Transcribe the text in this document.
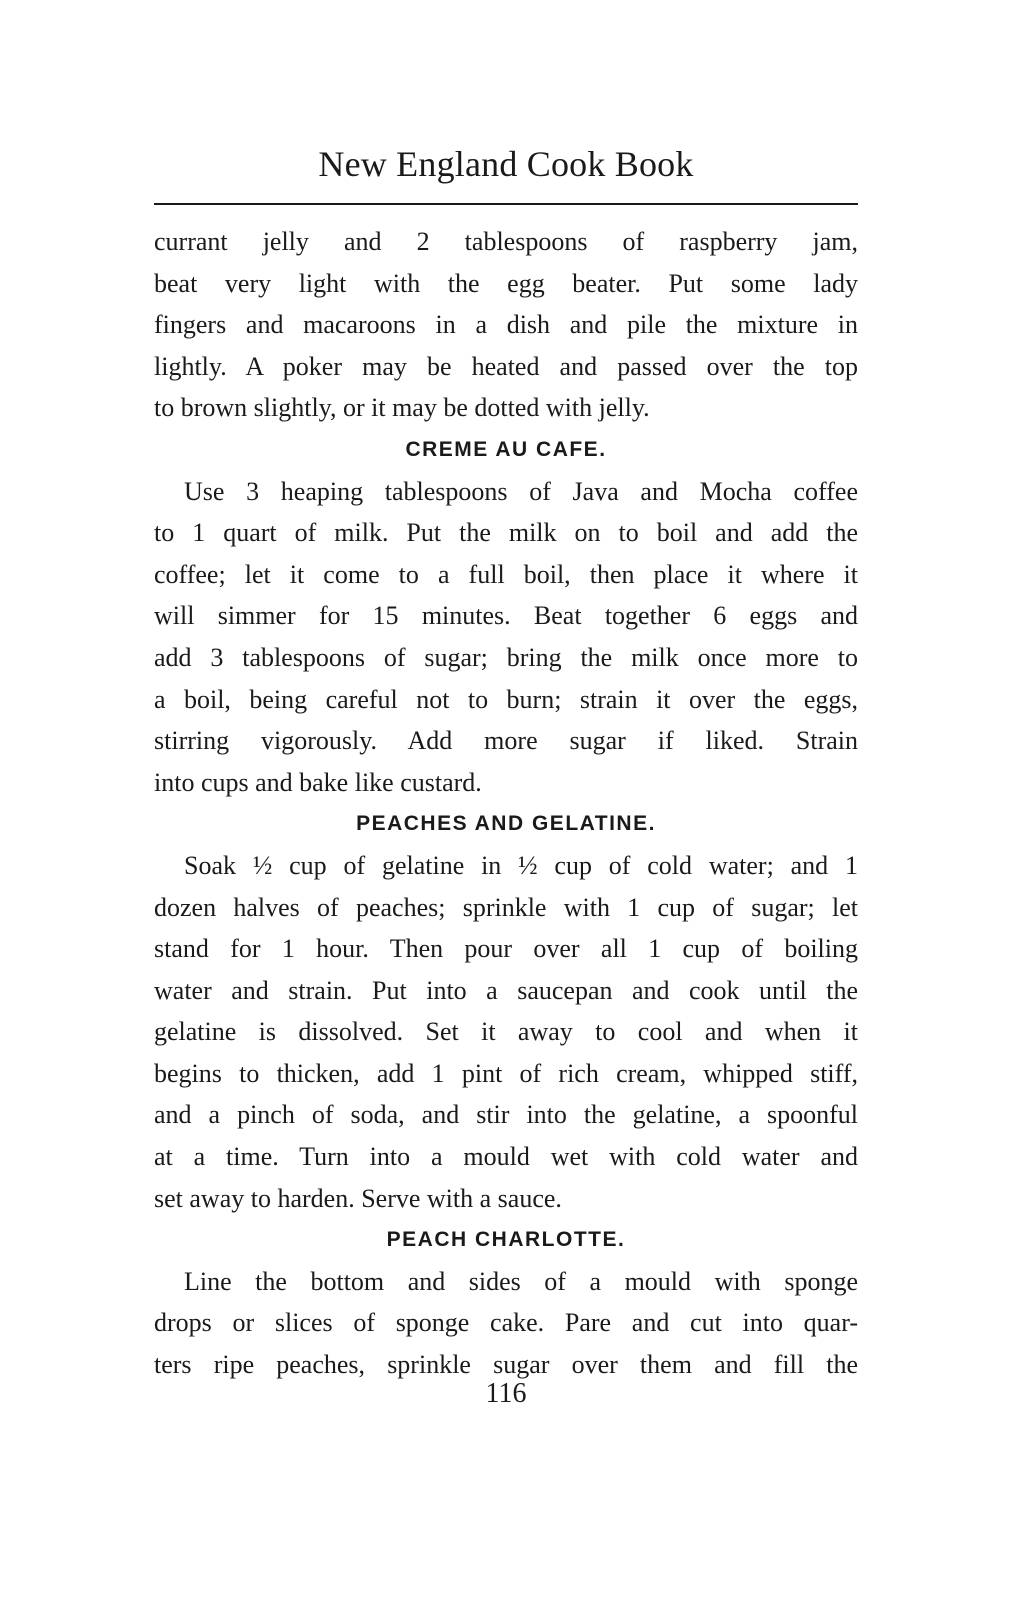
New England Cook Book
currant jelly and 2 tablespoons of raspberry jam,
beat very light with the egg beater. Put some lady
fingers and macaroons in a dish and pile the mixture in
lightly. A poker may be heated and passed over the top
to brown slightly, or it may be dotted with jelly.
CREME AU CAFE.
Use 3 heaping tablespoons of Java and Mocha coffee
to 1 quart of milk. Put the milk on to boil and add the
coffee; let it come to a full boil, then place it where it
will simmer for 15 minutes. Beat together 6 eggs and
add 3 tablespoons of sugar; bring the milk once more to
a boil, being careful not to burn; strain it over the eggs,
stirring vigorously. Add more sugar if liked. Strain
into cups and bake like custard.
PEACHES AND GELATINE.
Soak ½ cup of gelatine in ½ cup of cold water; and 1
dozen halves of peaches; sprinkle with 1 cup of sugar; let
stand for 1 hour. Then pour over all 1 cup of boiling
water and strain. Put into a saucepan and cook until the
gelatine is dissolved. Set it away to cool and when it
begins to thicken, add 1 pint of rich cream, whipped stiff,
and a pinch of soda, and stir into the gelatine, a spoonful
at a time. Turn into a mould wet with cold water and
set away to harden. Serve with a sauce.
PEACH CHARLOTTE.
Line the bottom and sides of a mould with sponge
drops or slices of sponge cake. Pare and cut into quar-
ters ripe peaches, sprinkle sugar over them and fill the
116
